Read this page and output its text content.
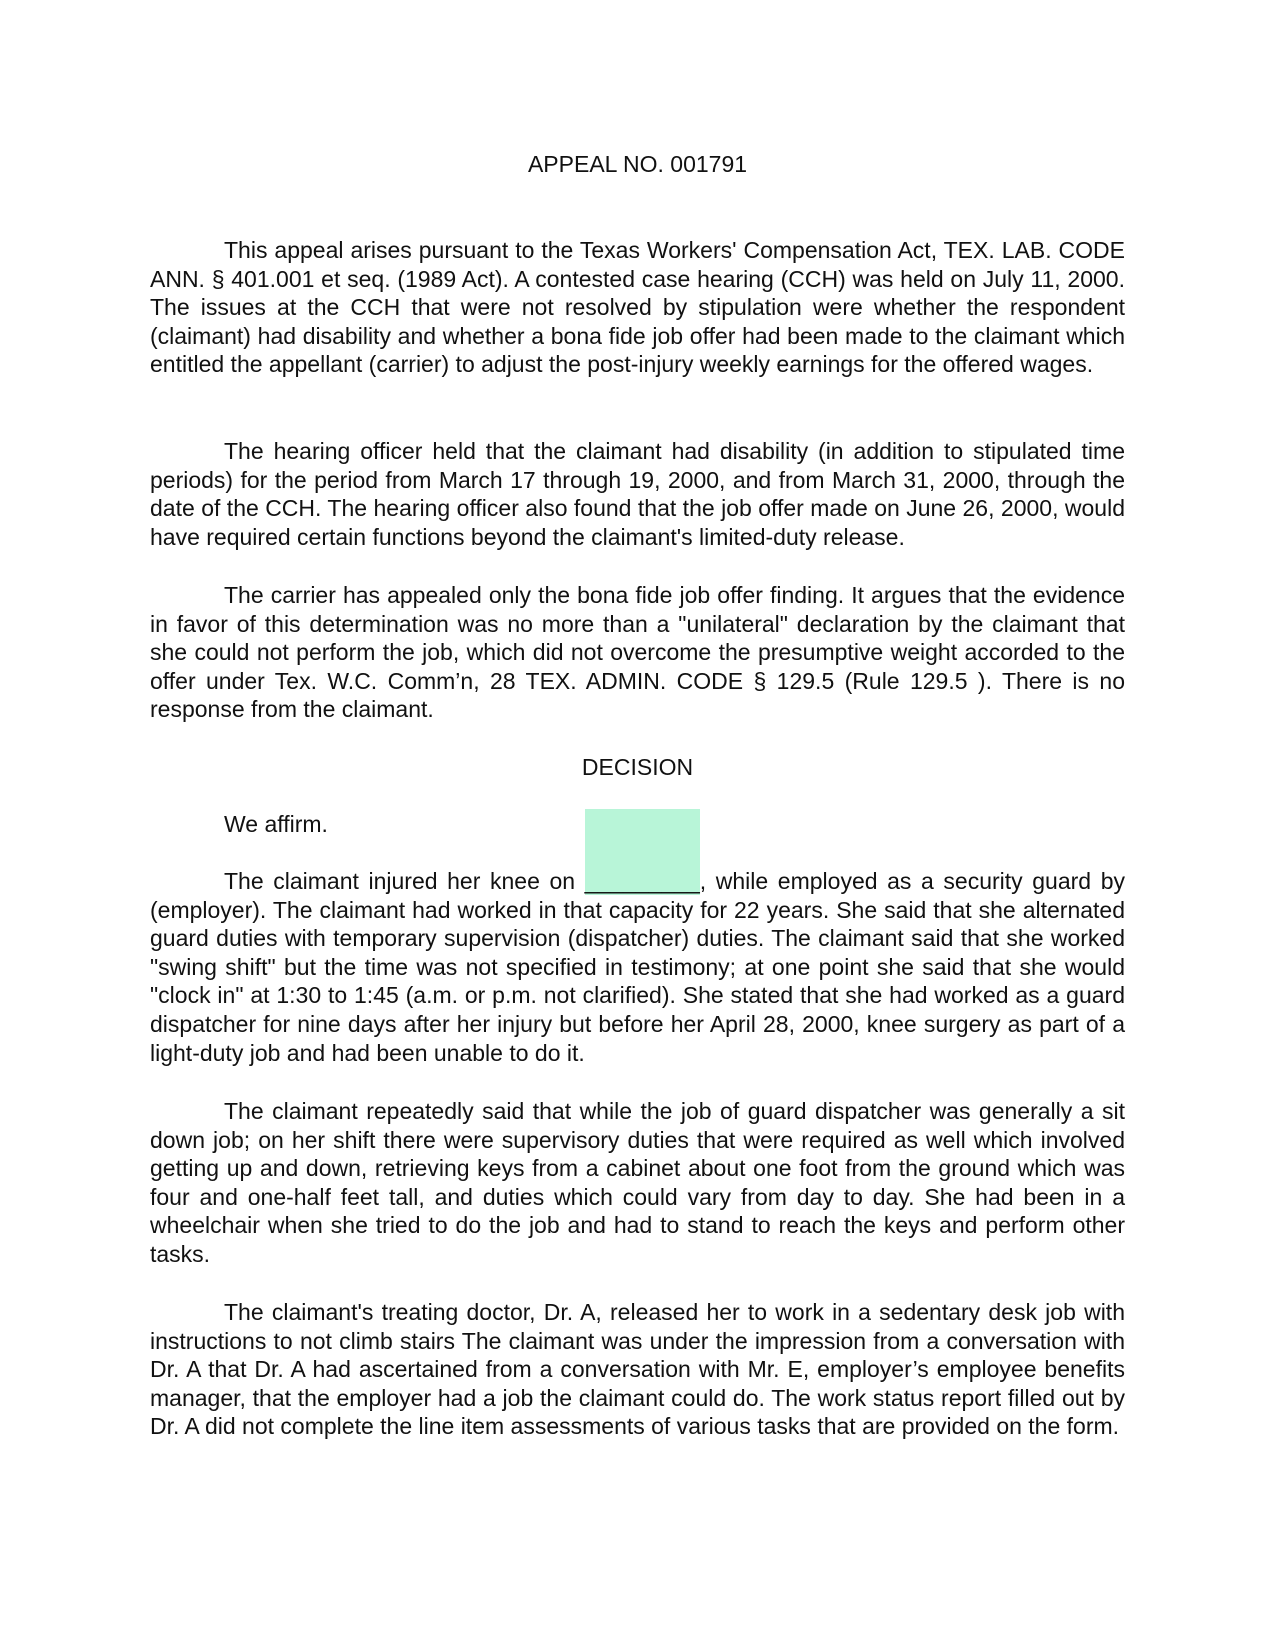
APPEAL NO. 001791

This appeal arises pursuant to the Texas Workers' Compensation Act, TEX. LAB. CODE ANN. § 401.001 et seq. (1989 Act). A contested case hearing (CCH) was held on July 11, 2000. The issues at the CCH that were not resolved by stipulation were whether the respondent (claimant) had disability and whether a bona fide job offer had been made to the claimant which entitled the appellant (carrier) to adjust the post-injury weekly earnings for the offered wages.

The hearing officer held that the claimant had disability (in addition to stipulated time periods) for the period from March 17 through 19, 2000, and from March 31, 2000, through the date of the CCH. The hearing officer also found that the job offer made on June 26, 2000, would have required certain functions beyond the claimant's limited-duty release.

The carrier has appealed only the bona fide job offer finding. It argues that the evidence in favor of this determination was no more than a "unilateral" declaration by the claimant that she could not perform the job, which did not overcome the presumptive weight accorded to the offer under Tex. W.C. Comm’n, 28 TEX. ADMIN. CODE § 129.5 (Rule 129.5 ). There is no response from the claimant.

DECISION

We affirm.

The claimant injured her knee on _________, while employed as a security guard by (employer). The claimant had worked in that capacity for 22 years. She said that she alternated guard duties with temporary supervision (dispatcher) duties. The claimant said that she worked "swing shift" but the time was not specified in testimony; at one point she said that she would "clock in" at 1:30 to 1:45 (a.m. or p.m. not clarified). She stated that she had worked as a guard dispatcher for nine days after her injury but before her April 28, 2000, knee surgery as part of a light-duty job and had been unable to do it.

The claimant repeatedly said that while the job of guard dispatcher was generally a sit down job; on her shift there were supervisory duties that were required as well which involved getting up and down, retrieving keys from a cabinet about one foot from the ground which was four and one-half feet tall, and duties which could vary from day to day. She had been in a wheelchair when she tried to do the job and had to stand to reach the keys and perform other tasks.

The claimant's treating doctor, Dr. A, released her to work in a sedentary desk job with instructions to not climb stairs The claimant was under the impression from a conversation with Dr. A that Dr. A had ascertained from a conversation with Mr. E, employer’s employee benefits manager, that the employer had a job the claimant could do. The work status report filled out by Dr. A did not complete the line item assessments of various tasks that are provided on the form.
